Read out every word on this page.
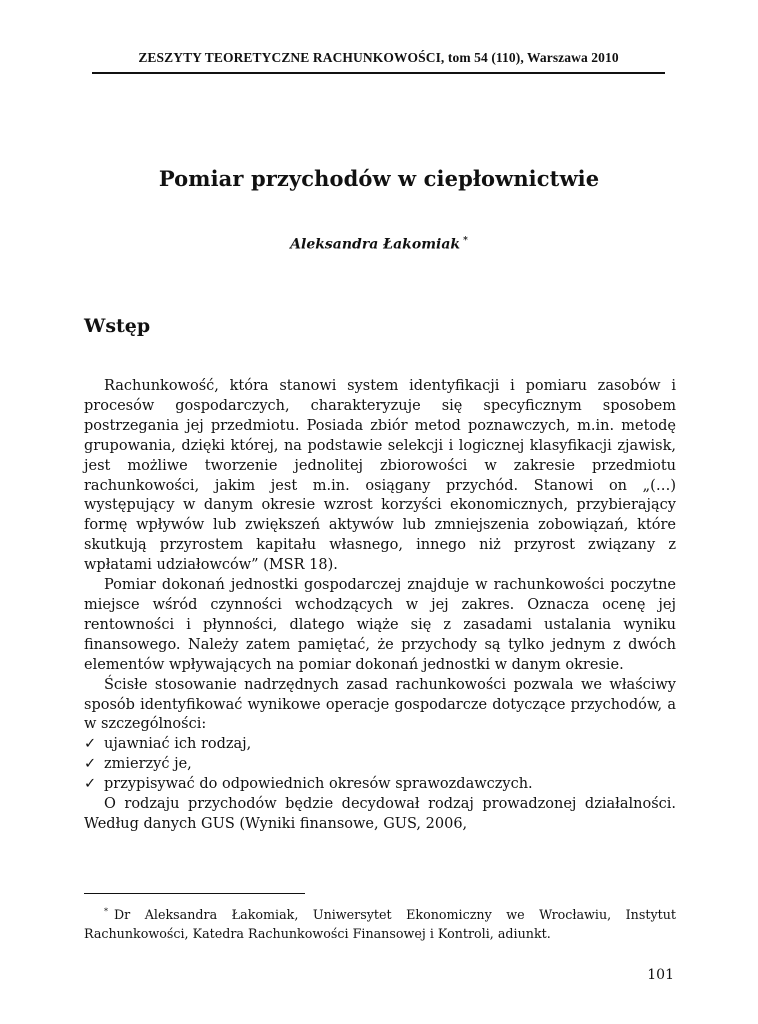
ZESZYTY TEORETYCZNE RACHUNKOWOŚCI, tom 54 (110), Warszawa 2010
Pomiar przychodów w ciepłownictwie
Aleksandra Łakomiak *
Wstęp

Rachunkowość, która stanowi system identyfikacji i pomiaru zasobów i procesów gospodarczych, charakteryzuje się specyficznym sposobem postrzegania jej przedmiotu. Posiada zbiór metod poznawczych, m.in. metodę grupowania, dzięki której, na podstawie selekcji i logicznej klasyfikacji zjawisk, jest możliwe tworzenie jednolitej zbiorowości w zakresie przedmiotu rachunkowości, jakim jest m.in. osiągany przychód. Stanowi on „(…) występujący w danym okresie wzrost korzyści ekonomicznych, przybierający formę wpływów lub zwiększeń aktywów lub zmniejszenia zobowiązań, które skutkują przyrostem kapitału własnego, innego niż przyrost związany z wpłatami udziałowców” (MSR 18).

Pomiar dokonań jednostki gospodarczej znajduje w rachunkowości poczytne miejsce wśród czynności wchodzących w jej zakres. Oznacza ocenę jej rentowności i płynności, dlatego wiąże się z zasadami ustalania wyniku finansowego. Należy zatem pamiętać, że przychody są tylko jednym z dwóch elementów wpływających na pomiar dokonań jednostki w danym okresie.

Ścisłe stosowanie nadrzędnych zasad rachunkowości pozwala we właściwy sposób identyfikować wynikowe operacje gospodarcze dotyczące przychodów, a w szczególności:

✓ ujawniać ich rodzaj,
✓ zmierzyć je,
✓ przypisywać do odpowiednich okresów sprawozdawczych.

O rodzaju przychodów będzie decydował rodzaj prowadzonej działalności. Według danych GUS (Wyniki finansowe, GUS, 2006,

* Dr Aleksandra Łakomiak, Uniwersytet Ekonomiczny we Wrocławiu, Instytut Rachunkowości, Katedra Rachunkowości Finansowej i Kontroli, adiunkt.
101
